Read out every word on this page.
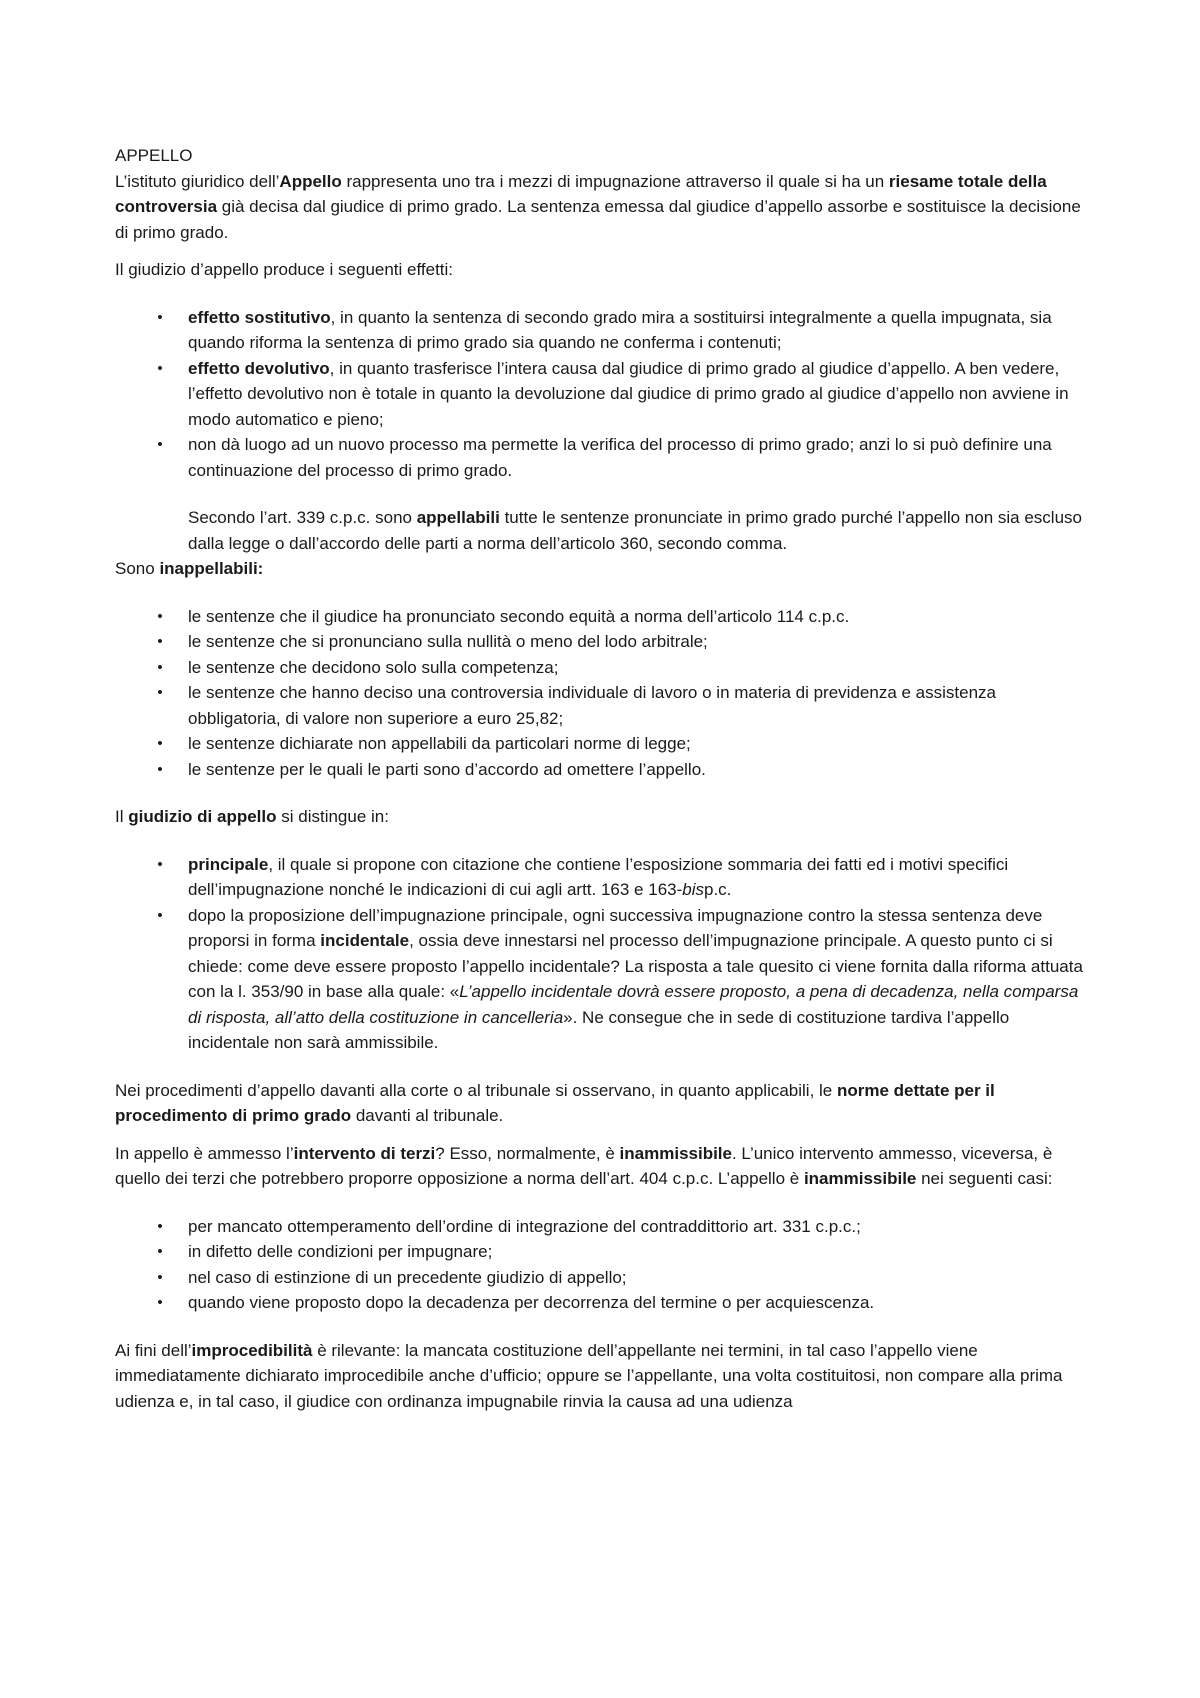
APPELLO

L’istituto giuridico dell’Appello rappresenta uno tra i mezzi di impugnazione attraverso il quale si ha un riesame totale della controversia già decisa dal giudice di primo grado. La sentenza emessa dal giudice d’appello assorbe e sostituisce la decisione di primo grado.

Il giudizio d’appello produce i seguenti effetti:

• effetto sostitutivo, in quanto la sentenza di secondo grado mira a sostituirsi integralmente a quella impugnata, sia quando riforma la sentenza di primo grado sia quando ne conferma i contenuti;
• effetto devolutivo, in quanto trasferisce l’intera causa dal giudice di primo grado al giudice d’appello. A ben vedere, l’effetto devolutivo non è totale in quanto la devoluzione dal giudice di primo grado al giudice d’appello non avviene in modo automatico e pieno;
• non dà luogo ad un nuovo processo ma permette la verifica del processo di primo grado; anzi lo si può definire una continuazione del processo di primo grado.

Secondo l’art. 339 c.p.c. sono appellabili tutte le sentenze pronunciate in primo grado purché l’appello non sia escluso dalla legge o dall’accordo delle parti a norma dell’articolo 360, secondo comma.

Sono inappellabili:

• le sentenze che il giudice ha pronunciato secondo equità a norma dell’articolo 114 c.p.c.
• le sentenze che si pronunciano sulla nullità o meno del lodo arbitrale;
• le sentenze che decidono solo sulla competenza;
• le sentenze che hanno deciso una controversia individuale di lavoro o in materia di previdenza e assistenza obbligatoria, di valore non superiore a euro 25,82;
• le sentenze dichiarate non appellabili da particolari norme di legge;
• le sentenze per le quali le parti sono d’accordo ad omettere l’appello.

Il giudizio di appello si distingue in:

• principale, il quale si propone con citazione che contiene l’esposizione sommaria dei fatti ed i motivi specifici dell’impugnazione nonché le indicazioni di cui agli artt. 163 e 163-bisp.c.
• dopo la proposizione dell’impugnazione principale, ogni successiva impugnazione contro la stessa sentenza deve proporsi in forma incidentale, ossia deve innestarsi nel processo dell’impugnazione principale. A questo punto ci si chiede: come deve essere proposto l’appello incidentale? La risposta a tale quesito ci viene fornita dalla riforma attuata con la l. 353/90 in base alla quale: «L’appello incidentale dovrà essere proposto, a pena di decadenza, nella comparsa di risposta, all’atto della costituzione in cancelleria». Ne consegue che in sede di costituzione tardiva l’appello incidentale non sarà ammissibile.

Nei procedimenti d’appello davanti alla corte o al tribunale si osservano, in quanto applicabili, le norme dettate per il procedimento di primo grado davanti al tribunale.

In appello è ammesso l’intervento di terzi? Esso, normalmente, è inammissibile. L’unico intervento ammesso, viceversa, è quello dei terzi che potrebbero proporre opposizione a norma dell’art. 404 c.p.c. L’appello è inammissibile nei seguenti casi:

• per mancato ottemperamento dell’ordine di integrazione del contraddittorio art. 331 c.p.c.;
• in difetto delle condizioni per impugnare;
• nel caso di estinzione di un precedente giudizio di appello;
• quando viene proposto dopo la decadenza per decorrenza del termine o per acquiescenza.

Ai fini dell’improcedibilità è rilevante: la mancata costituzione dell’appellante nei termini, in tal caso l’appello viene immediatamente dichiarato improcedibile anche d’ufficio; oppure se l’appellante, una volta costituitosi, non compare alla prima udienza e, in tal caso, il giudice con ordinanza impugnabile rinvia la causa ad una udienza
